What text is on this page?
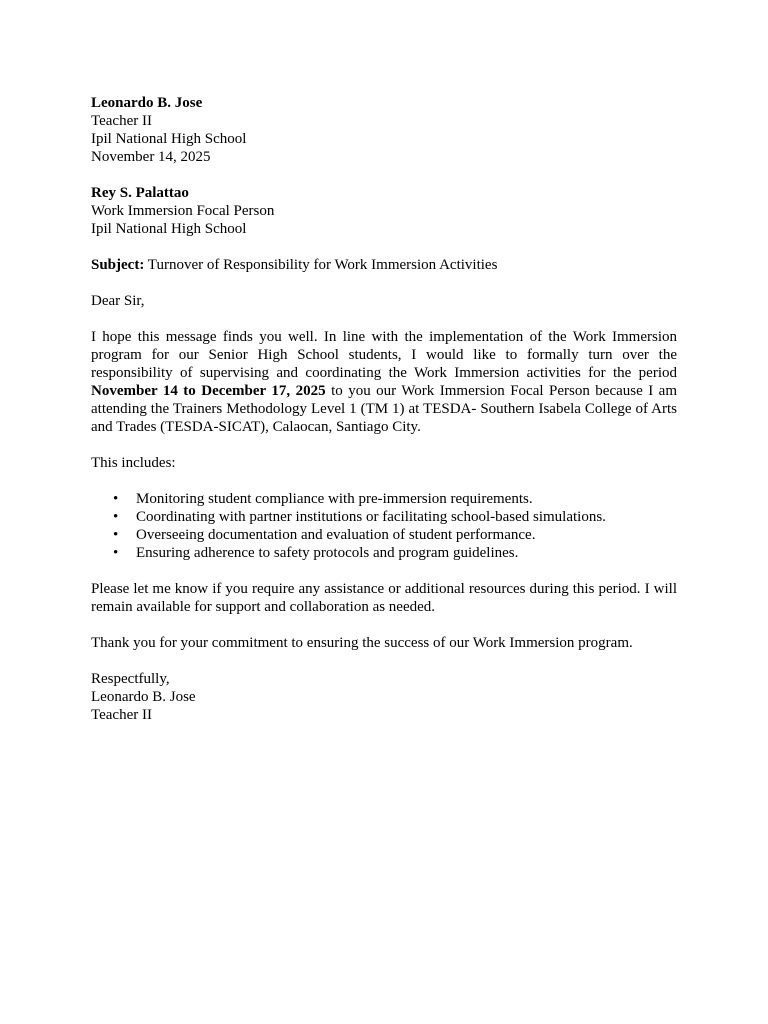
Leonardo B. Jose
Teacher II
Ipil National High School
November 14, 2025
Rey S. Palattao
Work Immersion Focal Person
Ipil National High School
Subject: Turnover of Responsibility for Work Immersion Activities
Dear Sir,
I hope this message finds you well. In line with the implementation of the Work Immersion program for our Senior High School students, I would like to formally turn over the responsibility of supervising and coordinating the Work Immersion activities for the period November 14 to December 17, 2025 to you our Work Immersion Focal Person because I am attending the Trainers Methodology Level 1 (TM 1) at TESDA- Southern Isabela College of Arts and Trades (TESDA-SICAT), Calaocan, Santiago City.
This includes:
• Monitoring student compliance with pre-immersion requirements.
• Coordinating with partner institutions or facilitating school-based simulations.
• Overseeing documentation and evaluation of student performance.
• Ensuring adherence to safety protocols and program guidelines.
Please let me know if you require any assistance or additional resources during this period. I will remain available for support and collaboration as needed.
Thank you for your commitment to ensuring the success of our Work Immersion program.
Respectfully,
Leonardo B. Jose
Teacher II
